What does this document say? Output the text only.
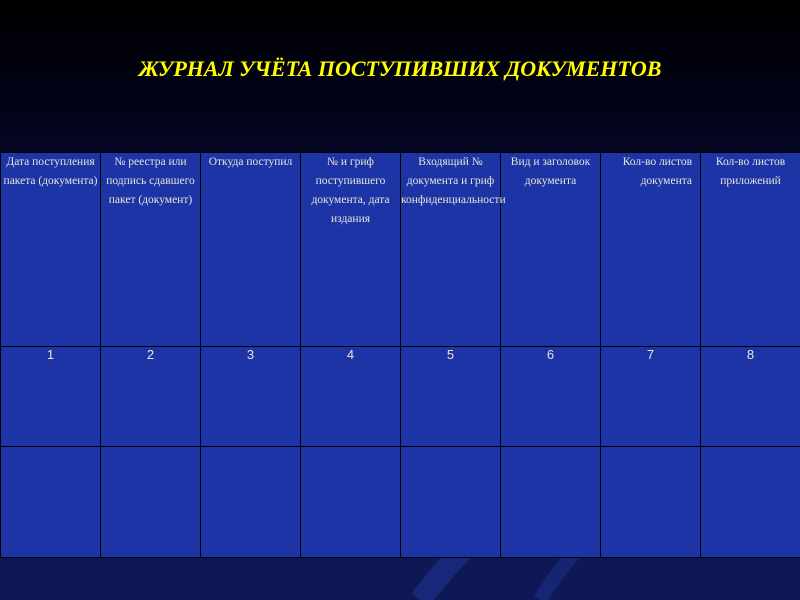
ЖУРНАЛ УЧЁТА ПОСТУПИВШИХ ДОКУМЕНТОВ
Дата поступления пакета (документа)	№ реестра или подпись сдавшего пакет (документ)	Откуда поступил	№ и гриф поступившего документа, дата издания	Входящий № документа и гриф конфиденциальности	Вид и заголовок документа	Кол-во листов документа	Кол-во листов приложений

1	2	3	4	5	6	7	8
